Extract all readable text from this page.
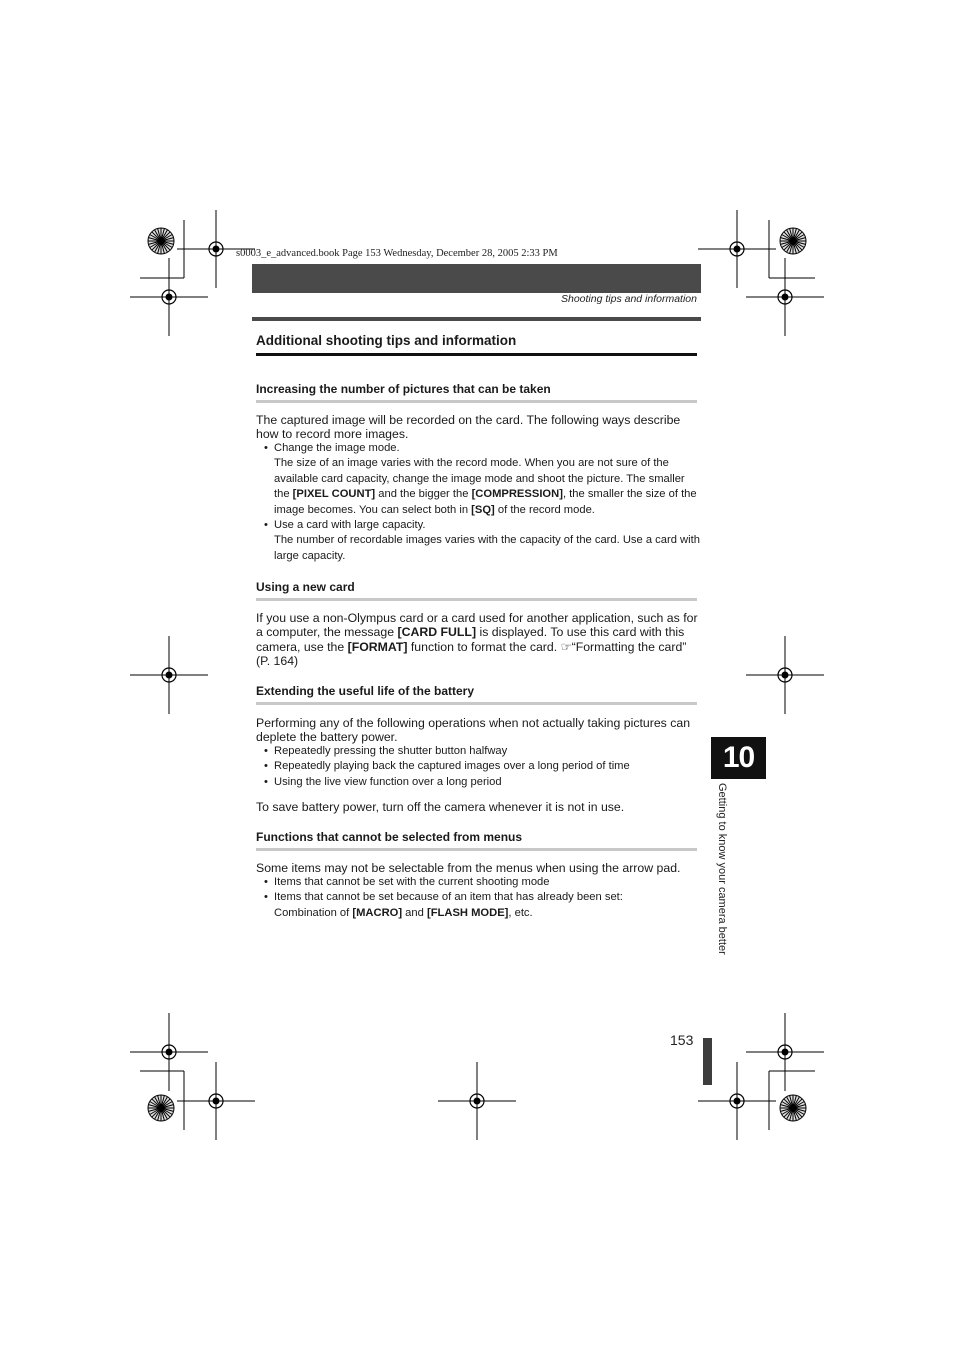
s0003_e_advanced.book Page 153 Wednesday, December 28, 2005 2:33 PM
Shooting tips and information
Additional shooting tips and information
Increasing the number of pictures that can be taken
The captured image will be recorded on the card. The following ways describe how to record more images.
• Change the image mode.
The size of an image varies with the record mode. When you are not sure of the available card capacity, change the image mode and shoot the picture. The smaller the [PIXEL COUNT] and the bigger the [COMPRESSION], the smaller the size of the image becomes. You can select both in [SQ] of the record mode.
• Use a card with large capacity.
The number of recordable images varies with the capacity of the card. Use a card with large capacity.
Using a new card
If you use a non-Olympus card or a card used for another application, such as for a computer, the message [CARD FULL] is displayed. To use this card with this camera, use the [FORMAT] function to format the card. ☞“Formatting the card” (P. 164)
Extending the useful life of the battery
Performing any of the following operations when not actually taking pictures can deplete the battery power.
• Repeatedly pressing the shutter button halfway
• Repeatedly playing back the captured images over a long period of time
• Using the live view function over a long period
To save battery power, turn off the camera whenever it is not in use.
Functions that cannot be selected from menus
Some items may not be selectable from the menus when using the arrow pad.
• Items that cannot be set with the current shooting mode
• Items that cannot be set because of an item that has already been set:
Combination of [MACRO] and [FLASH MODE], etc.
10
Getting to know your camera better
153
